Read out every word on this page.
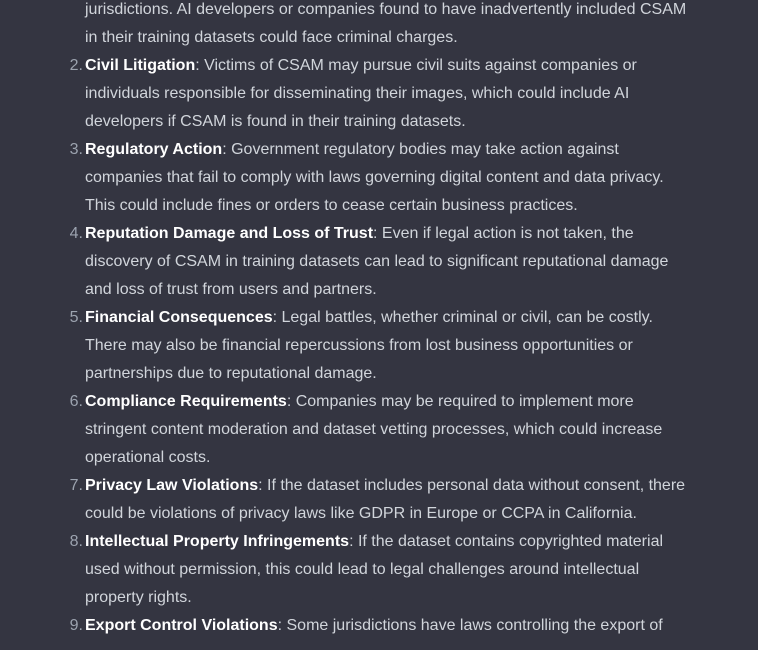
jurisdictions. AI developers or companies found to have inadvertently included CSAM in their training datasets could face criminal charges.

2. Civil Litigation: Victims of CSAM may pursue civil suits against companies or individuals responsible for disseminating their images, which could include AI developers if CSAM is found in their training datasets.
3. Regulatory Action: Government regulatory bodies may take action against companies that fail to comply with laws governing digital content and data privacy. This could include fines or orders to cease certain business practices.
4. Reputation Damage and Loss of Trust: Even if legal action is not taken, the discovery of CSAM in training datasets can lead to significant reputational damage and loss of trust from users and partners.
5. Financial Consequences: Legal battles, whether criminal or civil, can be costly. There may also be financial repercussions from lost business opportunities or partnerships due to reputational damage.
6. Compliance Requirements: Companies may be required to implement more stringent content moderation and dataset vetting processes, which could increase operational costs.
7. Privacy Law Violations: If the dataset includes personal data without consent, there could be violations of privacy laws like GDPR in Europe or CCPA in California.
8. Intellectual Property Infringements: If the dataset contains copyrighted material used without permission, this could lead to legal challenges around intellectual property rights.
9. Export Control Violations: Some jurisdictions have laws controlling the export of
